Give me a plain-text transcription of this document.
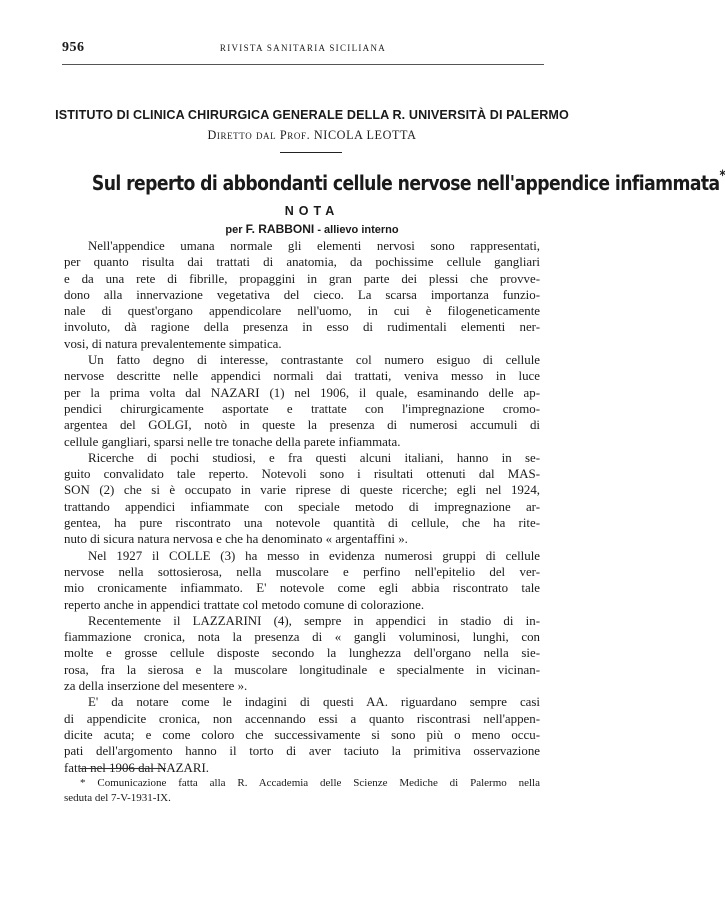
956	RIVISTA SANITARIA SICILIANA
ISTITUTO DI CLINICA CHIRURGICA GENERALE DELLA R. UNIVERSITÀ DI PALERMO
Diretto dal Prof. NICOLA LEOTTA
Sul reperto di abbondanti cellule nervose nell'appendice infiammata*
NOTA
per F. RABBONI - allievo interno
Nell'appendice umana normale gli elementi nervosi sono rappresentati,
per quanto risulta dai trattati di anatomia, da pochissime cellule gangliari
e da una rete di fibrille, propaggini in gran parte dei plessi che provve-
dono alla innervazione vegetativa del cieco. La scarsa importanza funzio-
nale di quest'organo appendicolare nell'uomo, in cui è filogeneticamente
involuto, dà ragione della presenza in esso di rudimentali elementi ner-
vosi, di natura prevalentemente simpatica.
Un fatto degno di interesse, contrastante col numero esiguo di cellule
nervose descritte nelle appendici normali dai trattati, veniva messo in luce
per la prima volta dal NAZARI (1) nel 1906, il quale, esaminando delle ap-
pendici chirurgicamente asportate e trattate con l'impregnazione cromo-
argentea del GOLGI, notò in queste la presenza di numerosi accumuli di
cellule gangliari, sparsi nelle tre tonache della parete infiammata.
Ricerche di pochi studiosi, e fra questi alcuni italiani, hanno in se-
guito convalidato tale reperto. Notevoli sono i risultati ottenuti dal MAS-
SON (2) che si è occupato in varie riprese di queste ricerche; egli nel 1924,
trattando appendici infiammate con speciale metodo di impregnazione ar-
gentea, ha pure riscontrato una notevole quantità di cellule, che ha rite-
nuto di sicura natura nervosa e che ha denominato « argentaffini ».
Nel 1927 il COLLE (3) ha messo in evidenza numerosi gruppi di cellule
nervose nella sottosierosa, nella muscolare e perfino nell'epitelio del ver-
mio cronicamente infiammato. E' notevole come egli abbia riscontrato tale
reperto anche in appendici trattate col metodo comune di colorazione.
Recentemente il LAZZARINI (4), sempre in appendici in stadio di in-
fiammazione cronica, nota la presenza di « gangli voluminosi, lunghi, con
molte e grosse cellule disposte secondo la lunghezza dell'organo nella sie-
rosa, fra la sierosa e la muscolare longitudinale e specialmente in vicinan-
za della inserzione del mesentere ».
E' da notare come le indagini di questi AA. riguardano sempre casi
di appendicite cronica, non accennando essi a quanto riscontrasi nell'appen-
dicite acuta; e come coloro che successivamente si sono più o meno occu-
pati dell'argomento hanno il torto di aver taciuto la primitiva osservazione
fatta nel 1906 dal NAZARI.
* Comunicazione fatta alla R. Accademia delle Scienze Mediche di Palermo nella
seduta del 7-V-1931-IX.
